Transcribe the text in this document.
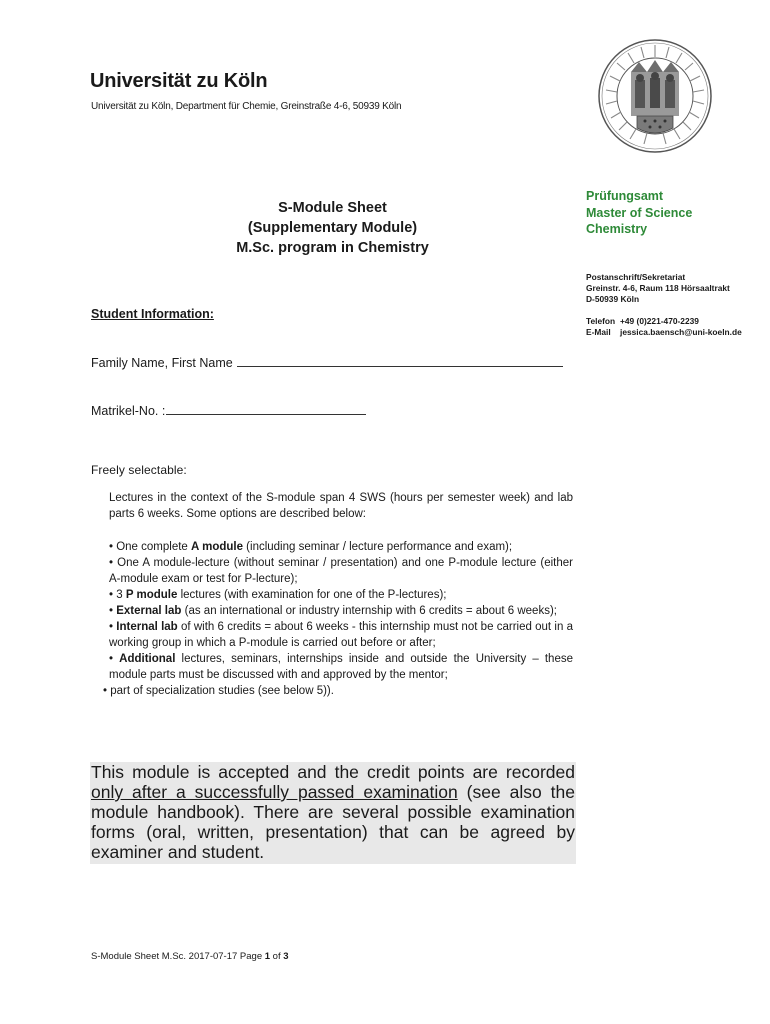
Universität zu Köln
Universität zu Köln, Department für Chemie, Greinstraße 4-6, 50939 Köln
Prüfungsamt
Master of Science
Chemistry
Postanschrift/Sekretariat
Greinstr. 4-6, Raum 118 Hörsaaltrakt
D-50939 Köln
Telefon +49 (0)221-470-2239
E-Mail jessica.baensch@uni-koeln.de
S-Module Sheet
(Supplementary Module)
M.Sc. program in Chemistry
Student Information:
Family Name, First Name
Matrikel-No. :
Freely selectable:
Lectures in the context of the S-module span 4 SWS (hours per semester week) and lab parts 6 weeks. Some options are described below:
• One complete A module (including seminar / lecture performance and exam);
• One A module-lecture (without seminar / presentation) and one P-module lecture (either A-module exam or test for P-lecture);
• 3 P module lectures (with examination for one of the P-lectures);
• External lab (as an international or industry internship with 6 credits = about 6 weeks);
• Internal lab of with 6 credits = about 6 weeks - this internship must not be carried out in a working group in which a P-module is carried out before or after;
• Additional lectures, seminars, internships inside and outside the University – these module parts must be discussed with and approved by the mentor;
• part of specialization studies (see below 5)).
This module is accepted and the credit points are recorded only after a successfully passed examination (see also the module handbook). There are several possible examination forms (oral, written, presentation) that can be agreed by examiner and student.
S-Module Sheet M.Sc. 2017-07-17 Page 1 of 3
